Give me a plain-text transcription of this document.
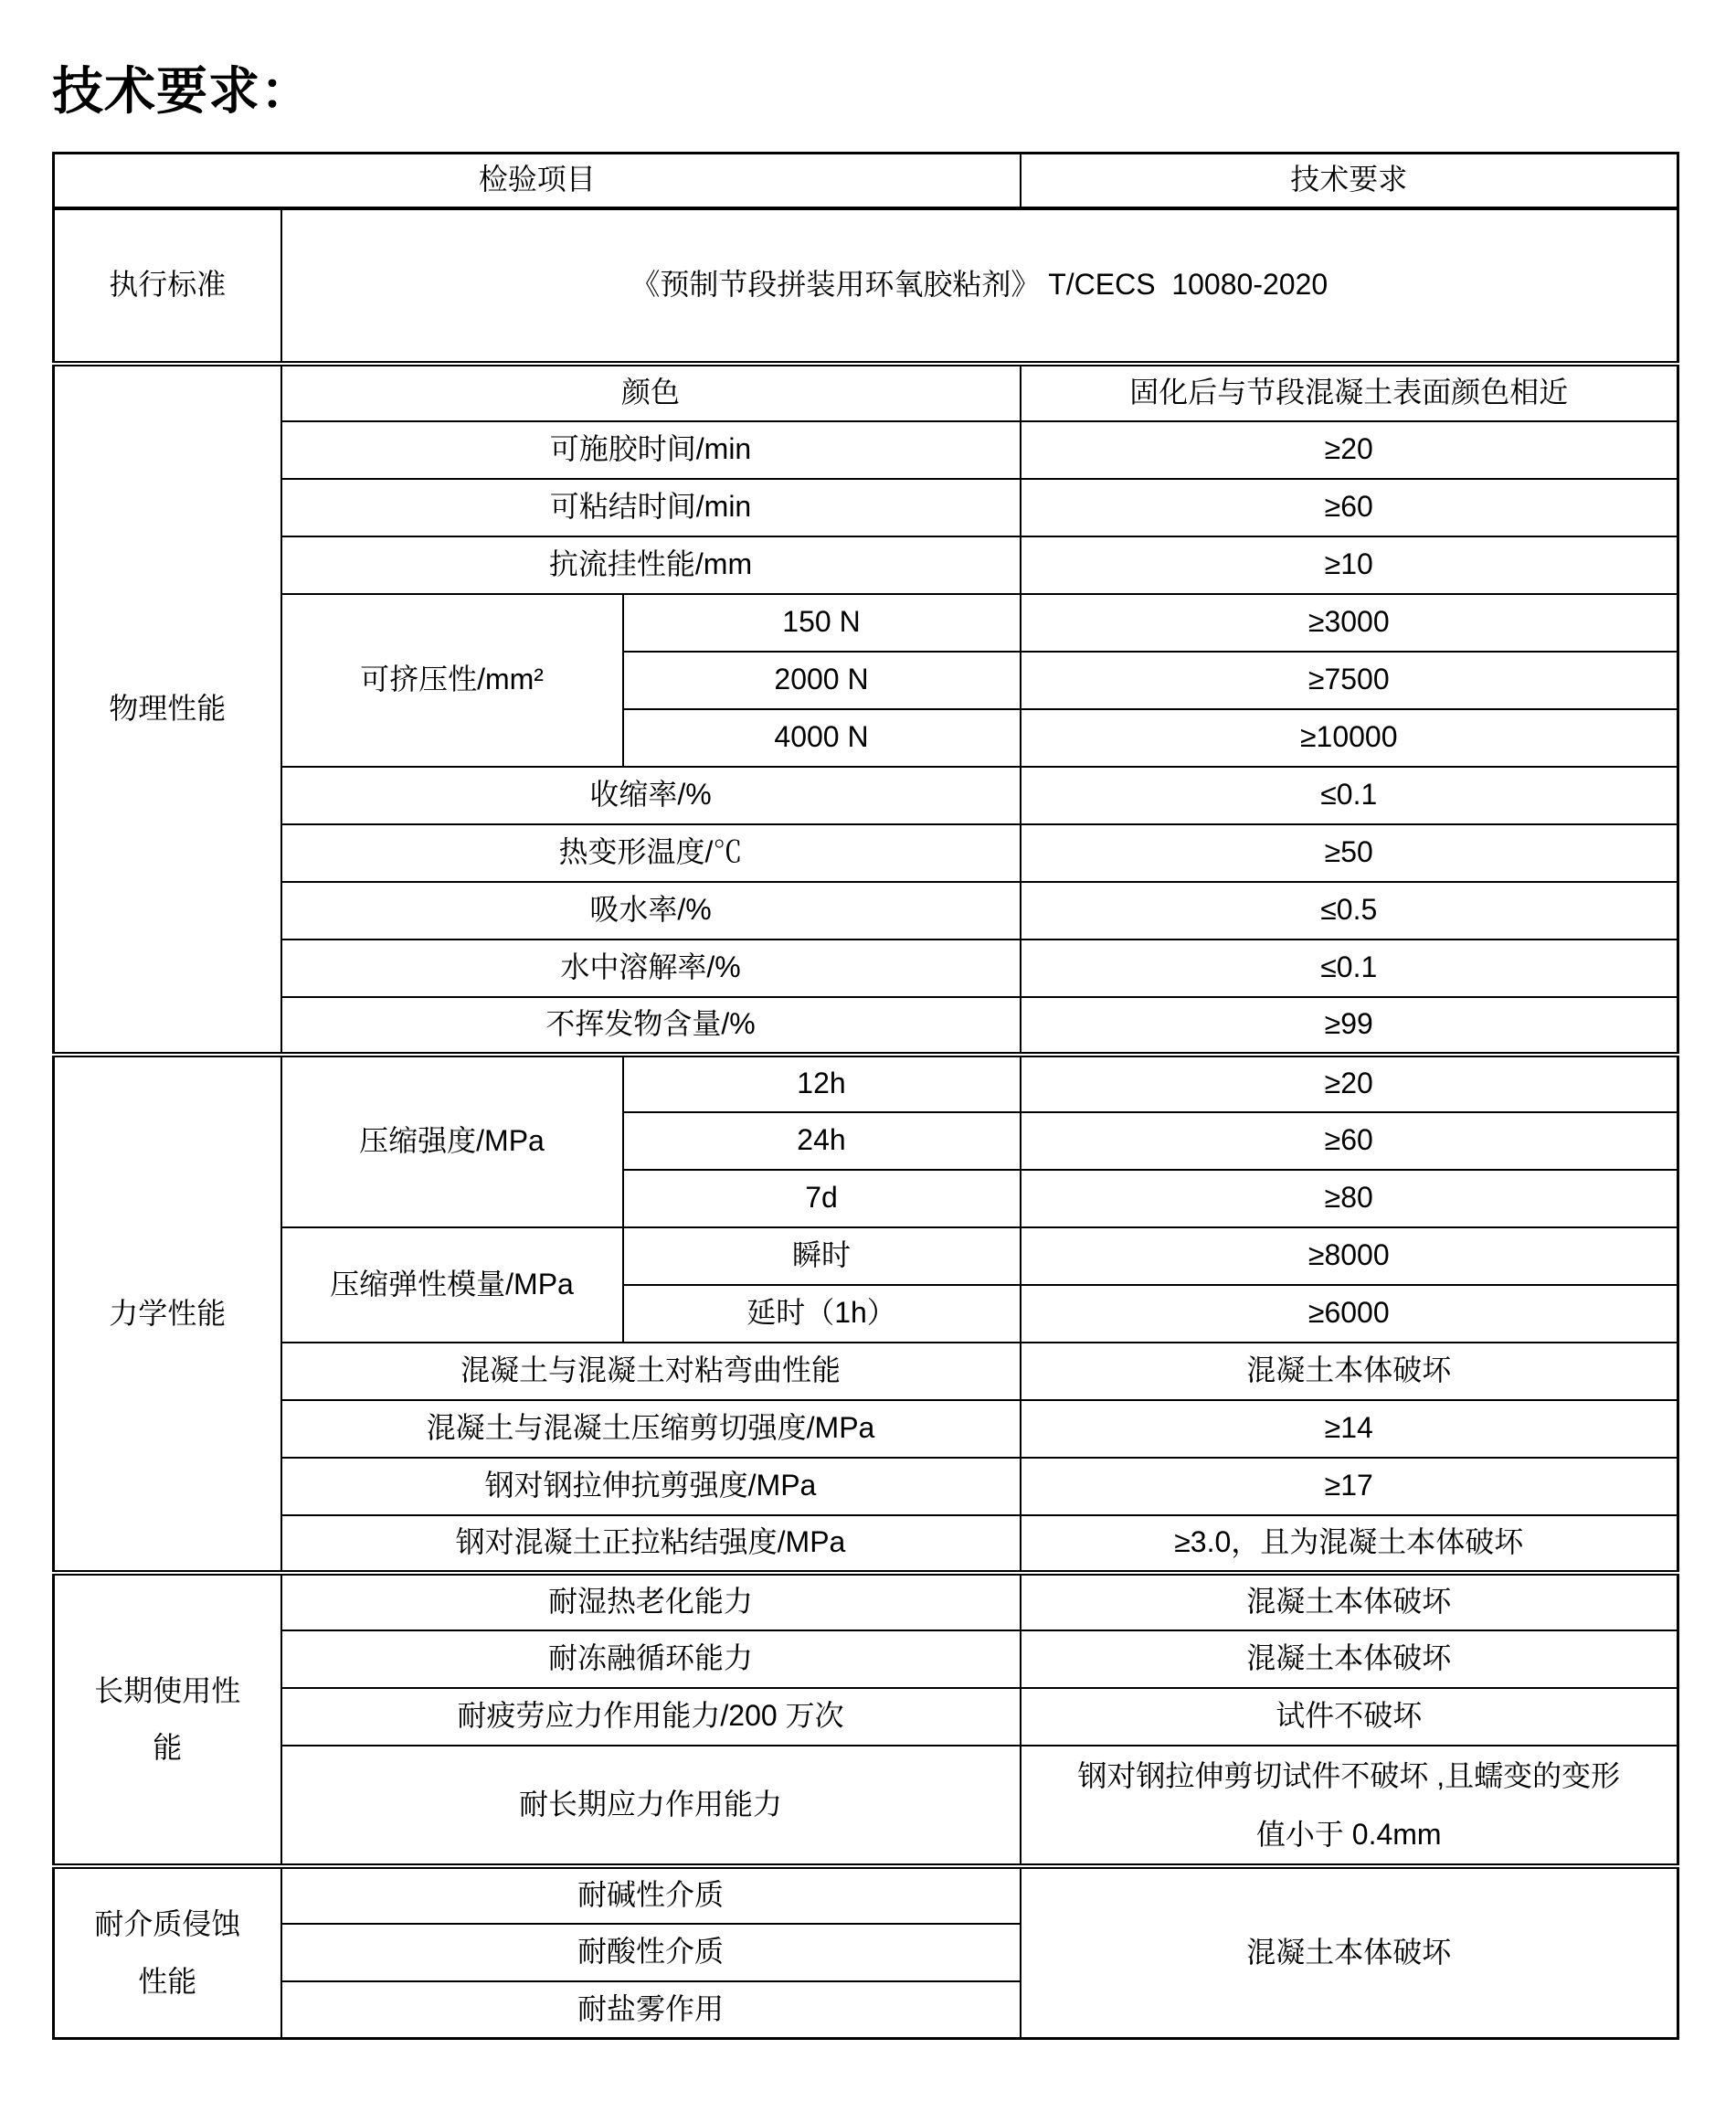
技术要求：
检验项目			技术要求
执行标准	《预制节段拼装用环氧胶粘剂》 T/CECS  10080-2020		
物理性能	颜色		固化后与节段混凝土表面颜色相近
	可施胶时间/min		≥20
	可粘结时间/min		≥60
	抗流挂性能/mm		≥10
	可挤压性/mm²	150 N	≥3000
		2000 N	≥7500
		4000 N	≥10000
	收缩率/%		≤0.1
	热变形温度/℃		≥50
	吸水率/%		≤0.5
	水中溶解率/%		≤0.1
	不挥发物含量/%		≥99
力学性能	压缩强度/MPa	12h	≥20
		24h	≥60
		7d	≥80
	压缩弹性模量/MPa	瞬时	≥8000
		延时（1h）	≥6000
	混凝土与混凝土对粘弯曲性能		混凝土本体破坏
	混凝土与混凝土压缩剪切强度/MPa		≥14
	钢对钢拉伸抗剪强度/MPa		≥17
	钢对混凝土正拉粘结强度/MPa		≥3.0，且为混凝土本体破坏
长期使用性能	耐湿热老化能力		混凝土本体破坏
	耐冻融循环能力		混凝土本体破坏
	耐疲劳应力作用能力/200 万次		试件不破坏
	耐长期应力作用能力		钢对钢拉伸剪切试件不破坏 ,且蠕变的变形值小于 0.4mm
耐介质侵蚀性能	耐碱性介质		混凝土本体破坏
	耐酸性介质		
	耐盐雾作用		
